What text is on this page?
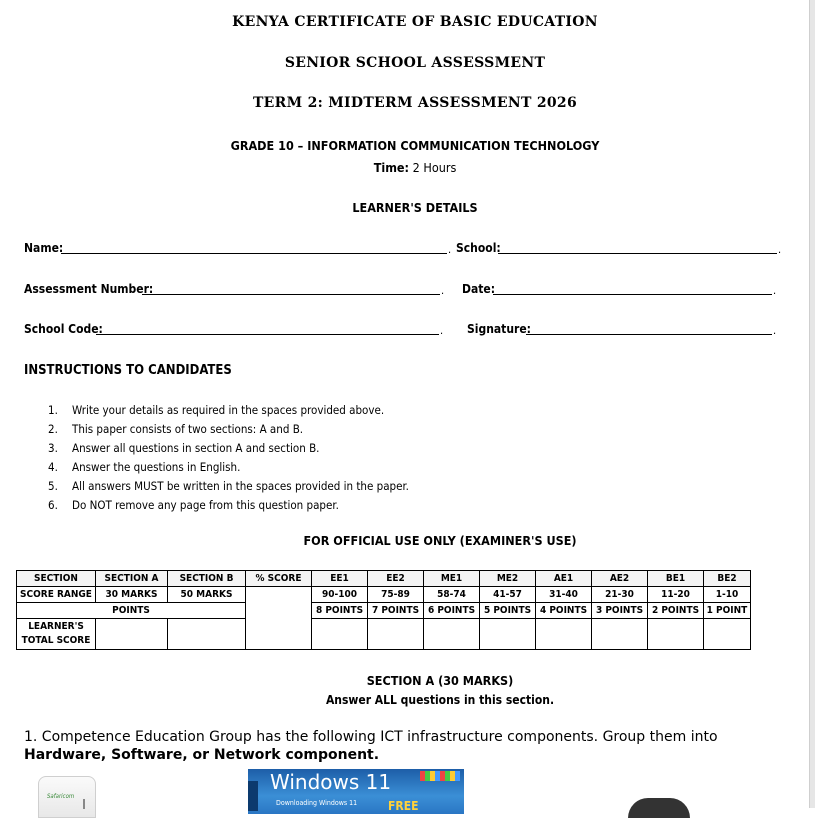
KENYA CERTIFICATE OF BASIC EDUCATION
SENIOR SCHOOL ASSESSMENT
TERM 2: MIDTERM ASSESSMENT 2026
GRADE 10 – INFORMATION COMMUNICATION TECHNOLOGY
Time: 2 Hours
LEARNER'S DETAILS
Name:	. School:	.
Assessment Number:	. Date:	.
School Code:	. Signature:	.
INSTRUCTIONS TO CANDIDATES
1. Write your details as required in the spaces provided above.
2. This paper consists of two sections: A and B.
3. Answer all questions in section A and section B.
4. Answer the questions in English.
5. All answers MUST be written in the spaces provided in the paper.
6. Do NOT remove any page from this question paper.
FOR OFFICIAL USE ONLY (EXAMINER'S USE)
SECTION	SECTION A	SECTION B	% SCORE	EE1	EE2	ME1	ME2	AE1	AE2	BE1	BE2
SCORE RANGE	30 MARKS	50 MARKS		90-100	75-89	58-74	41-57	31-40	21-30	11-20	1-10
POINTS				8 POINTS	7 POINTS	6 POINTS	5 POINTS	4 POINTS	3 POINTS	2 POINTS	1 POINT
LEARNER'S
TOTAL SCORE											
SECTION A (30 MARKS)
Answer ALL questions in this section.
1. Competence Education Group has the following ICT infrastructure components. Group them into
Hardware, Software, or Network component.
Safaricom
Windows 11
Downloading Windows 11	FREE
